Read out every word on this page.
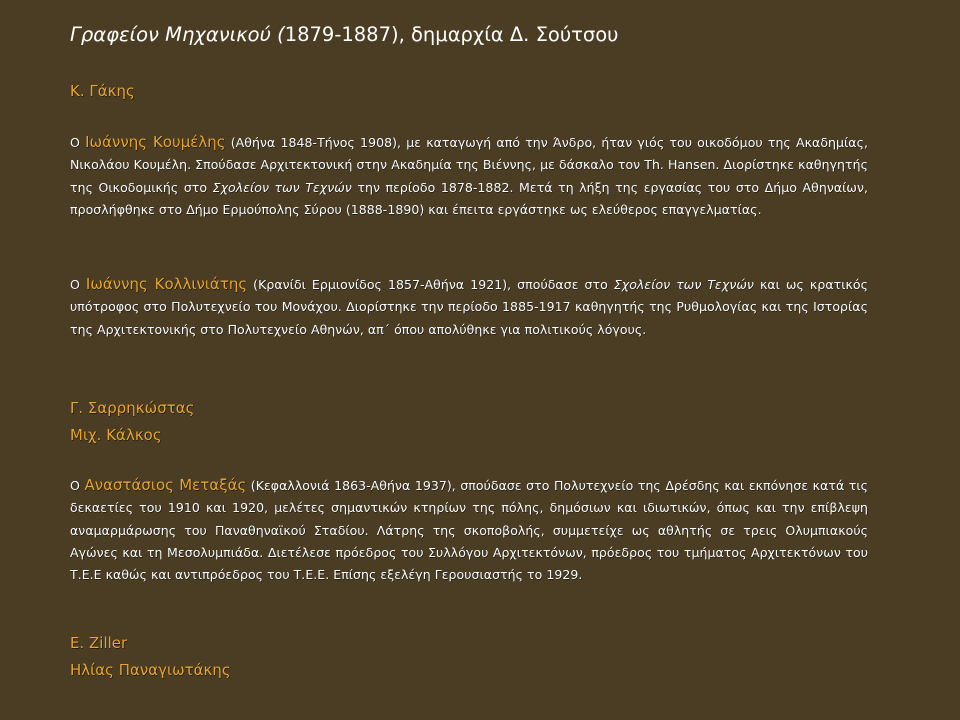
Γραφείον Μηχανικού (1879-1887), δημαρχία Δ. Σούτσου
Κ. Γάκης
Ο Ιωάννης Κουμέλης (Αθήνα 1848-Τήνος 1908), με καταγωγή από την Άνδρο, ήταν γιός του οικοδόμου της Ακαδημίας, Νικολάου Κουμέλη. Σπούδασε Αρχιτεκτονική στην Ακαδημία της Βιέννης, με δάσκαλο τον Th. Hansen. Διορίστηκε καθηγητής της Οικοδομικής στο Σχολείον των Τεχνών την περίοδο 1878-1882. Μετά τη λήξη της εργασίας του στο Δήμο Αθηναίων, προσλήφθηκε στο Δήμο Ερμούπολης Σύρου (1888-1890) και έπειτα εργάστηκε ως ελεύθερος επαγγελματίας.
Ο Ιωάννης Κολλινιάτης (Κρανίδι Ερμιονίδος 1857-Αθήνα 1921), σπούδασε στο Σχολείον των Τεχνών και ως κρατικός υπότροφος στο Πολυτεχνείο του Μονάχου. Διορίστηκε την περίοδο 1885-1917 καθηγητής της Ρυθμολογίας και της Ιστορίας της Αρχιτεκτονικής στο Πολυτεχνείο Αθηνών, απ΄ όπου απολύθηκε για πολιτικούς λόγους.
Γ. Σαρρηκώστας
Μιχ. Κάλκος
Ο Αναστάσιος Μεταξάς (Κεφαλλονιά 1863-Αθήνα 1937), σπούδασε στο Πολυτεχνείο της Δρέσδης και εκπόνησε κατά τις δεκαετίες του 1910 και 1920, μελέτες σημαντικών κτηρίων της πόλης, δημόσιων και ιδιωτικών, όπως και την επίβλεψη αναμαρμάρωσης του Παναθηναϊκού Σταδίου. Λάτρης της σκοποβολής, συμμετείχε ως αθλητής σε τρεις Ολυμπιακούς Αγώνες και τη Μεσολυμπιάδα. Διετέλεσε πρόεδρος του Συλλόγου Αρχιτεκτόνων, πρόεδρος του τμήματος Αρχιτεκτόνων του Τ.Ε.Ε καθώς και αντιπρόεδρος του Τ.Ε.Ε. Επίσης εξελέγη Γερουσιαστής το 1929.
E. Ziller
Ηλίας Παναγιωτάκης
